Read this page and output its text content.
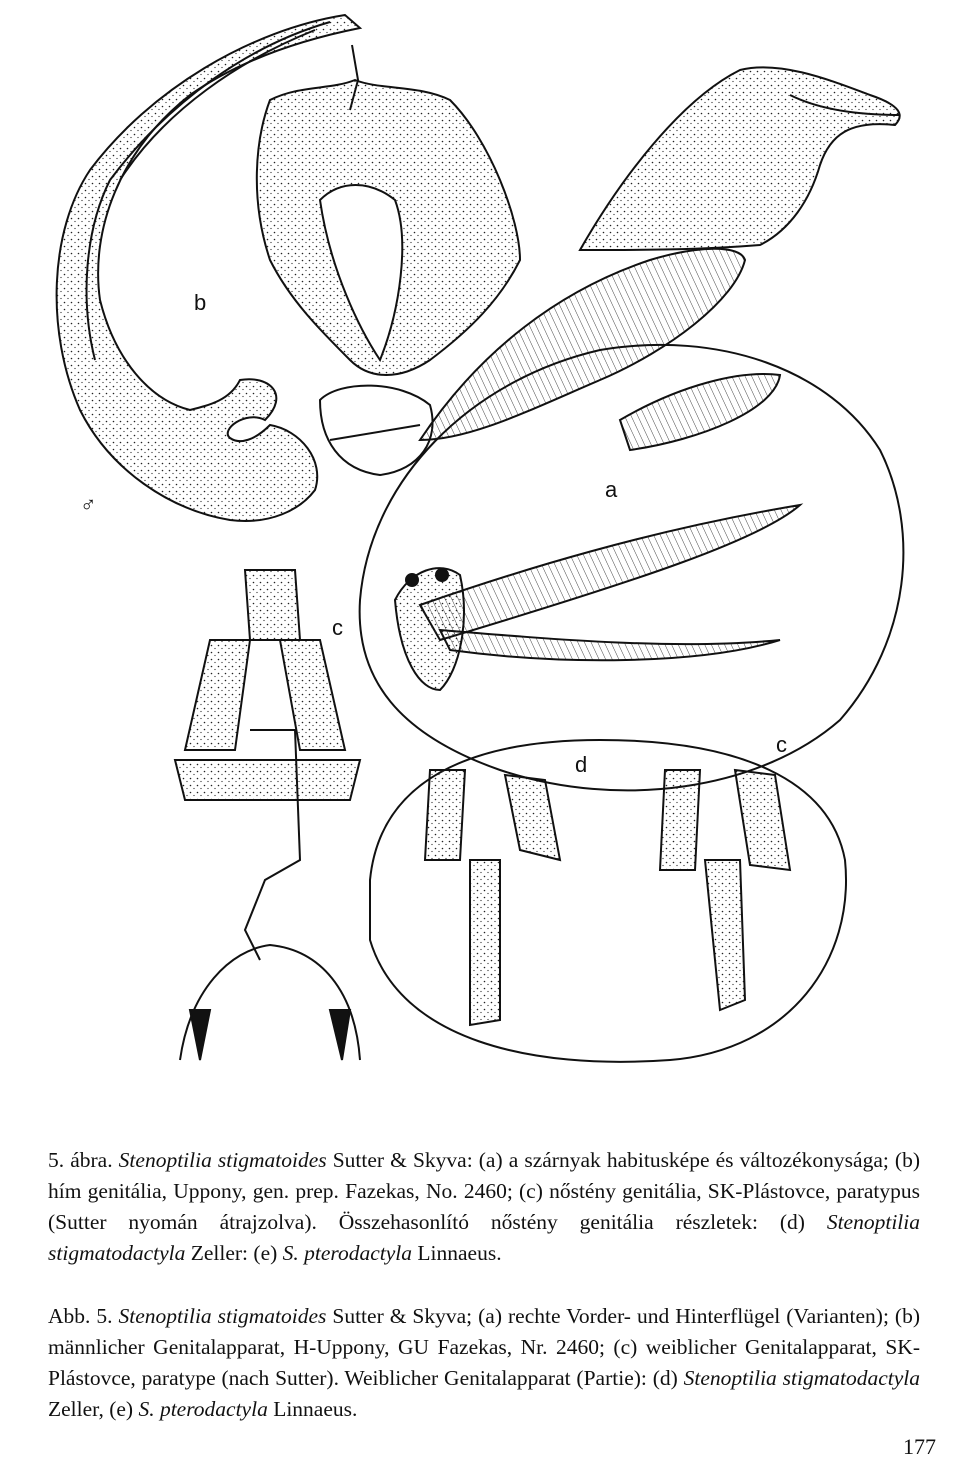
b
a
c
d
c
♂

5. ábra. Stenoptilia stigmatoides Sutter & Skyva: (a) a szárnyak habitusképe és változékonysága; (b) hím genitália, Uppony, gen. prep. Fazekas, No. 2460; (c) nőstény genitália, SK-Plástovce, paratypus (Sutter nyomán átrajzolva). Összehasonlító nőstény genitália részletek: (d) Stenoptilia stigmatodactyla Zeller: (e) S. pterodactyla Linnaeus.

Abb. 5. Stenoptilia stigmatoides Sutter & Skyva; (a) rechte Vorder- und Hinterflügel (Varianten); (b) männlicher Genitalapparat, H-Uppony, GU Fazekas, Nr. 2460; (c) weiblicher Genitalapparat, SK-Plástovce, paratype (nach Sutter). Weiblicher Genitalapparat (Partie): (d) Stenoptilia stigmatodactyla Zeller, (e) S. pterodactyla Linnaeus.

177
